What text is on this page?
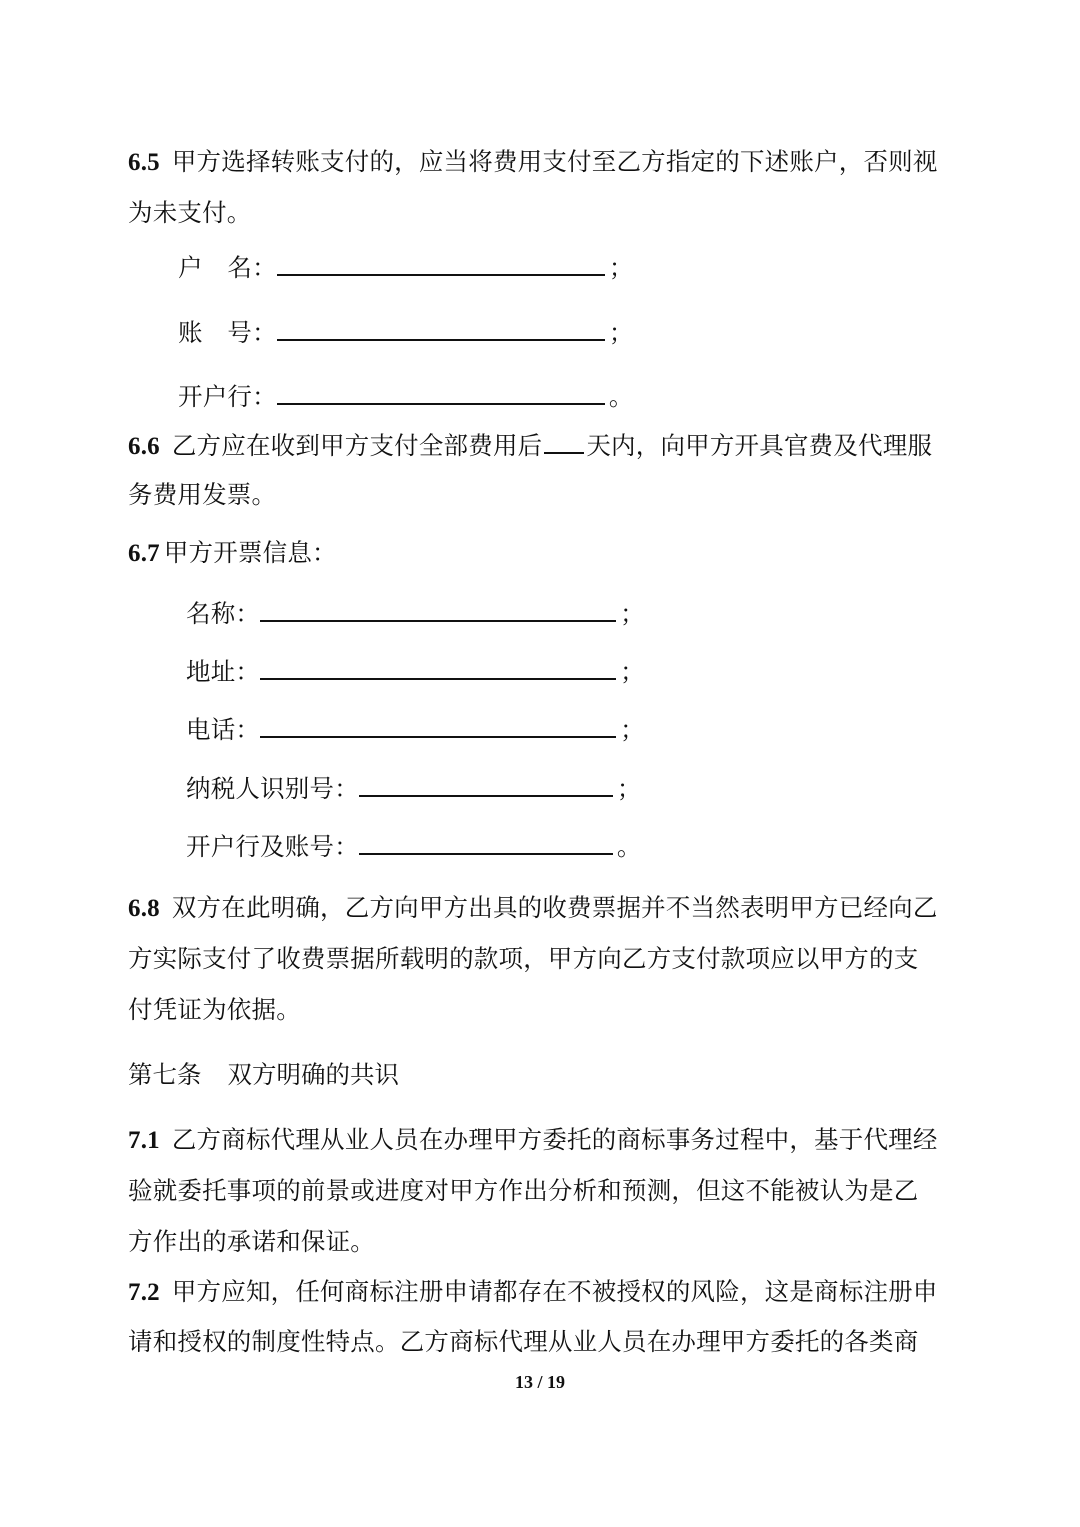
6.5 甲方选择转账支付的，应当将费用支付至乙方指定的下述账户，否则视
为未支付。
户　名：	；
账　号：	；
开户行：	。
6.6 乙方应在收到甲方支付全部费用后 天内，向甲方开具官费及代理服
务费用发票。
6.7 甲方开票信息：
名称：	；
地址：	；
电话：	；
纳税人识别号：	；
开户行及账号：	。
6.8 双方在此明确，乙方向甲方出具的收费票据并不当然表明甲方已经向乙
方实际支付了收费票据所载明的款项，甲方向乙方支付款项应以甲方的支
付凭证为依据。
第七条 双方明确的共识
7.1 乙方商标代理从业人员在办理甲方委托的商标事务过程中，基于代理经
验就委托事项的前景或进度对甲方作出分析和预测，但这不能被认为是乙
方作出的承诺和保证。
7.2 甲方应知，任何商标注册申请都存在不被授权的风险，这是商标注册申
请和授权的制度性特点。乙方商标代理从业人员在办理甲方委托的各类商
13 / 19
